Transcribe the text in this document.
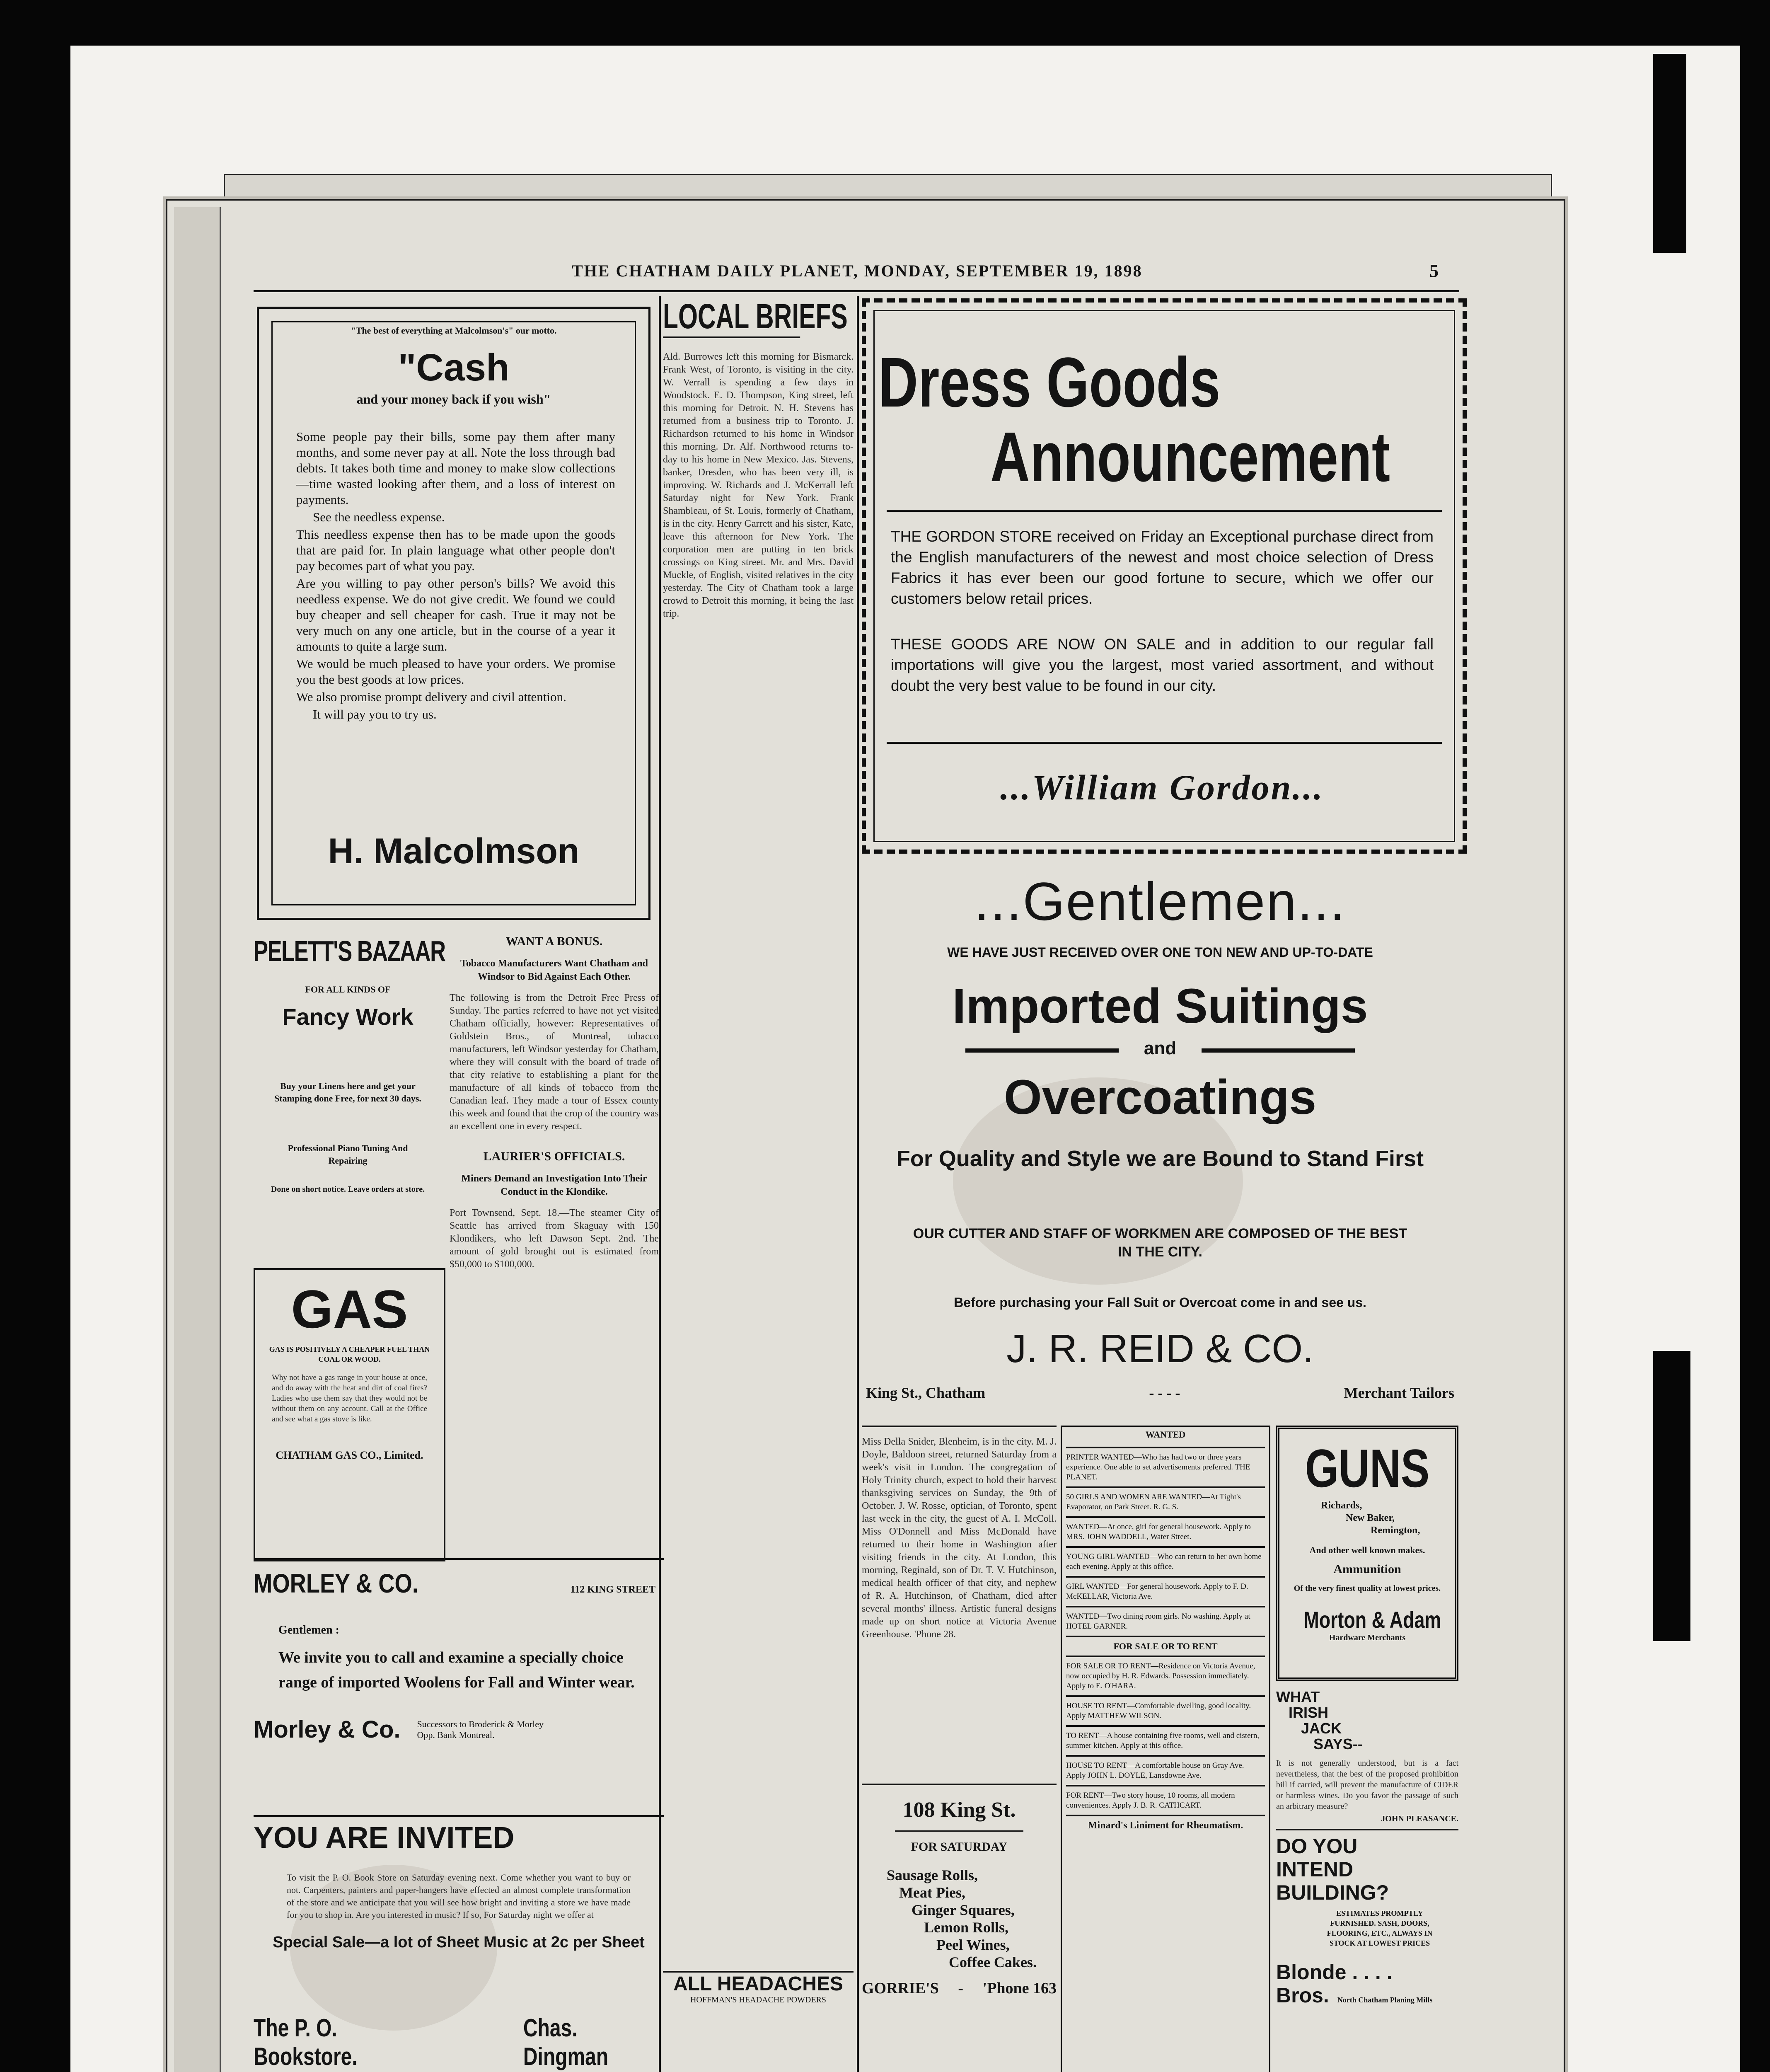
THE CHATHAM DAILY PLANET, MONDAY, SEPTEMBER 19, 1898	5
"The best of everything at Malcolmson's" our motto.
"Cash
and your money back if you wish"

Some people pay their bills, some pay them after many months, and some never pay at all. Note the loss through bad debts. It takes both time and money to make slow collections—time wasted looking after them, and a loss of interest on payments.

See the needless expense.

This needless expense then has to be made upon the goods that are paid for. In plain language what other people don't pay becomes part of what you pay.

Are you willing to pay other person's bills? We avoid this needless expense. We do not give credit. We found we could buy cheaper and sell cheaper for cash. True it may not be very much on any one article, but in the course of a year it amounts to quite a large sum.

We would be much pleased to have your orders. We promise you the best goods at low prices.

We also promise prompt delivery and civil attention.

It will pay you to try us.

H. Malcolmson
PELETT'S BAZAAR
FOR ALL KINDS OF
Fancy Work
Buy your Linens here and get your Stamping done Free, for next 30 days.
Professional Piano Tuning And Repairing
Done on short notice. Leave orders at store.
GAS
GAS IS POSITIVELY A CHEAPER FUEL THAN COAL OR WOOD.
Why not have a gas range in your house at once, and do away with the heat and dirt of coal fires? Ladies who use them say that they would not be without them on any account. Call at the Office and see what a gas stove is like.
CHATHAM GAS CO., Limited.
MORLEY & CO.	112 KING STREET
Gentlemen :
We invite you to call and examine a specially choice range of imported Woolens for Fall and Winter wear.
Morley & Co. Successors to Broderick & Morley Opp. Bank Montreal.
YOU ARE INVITED
To visit the P. O. Book Store on Saturday evening next. Come whether you want to buy or not. Carpenters, painters and paper-hangers have effected an almost complete transformation of the store and we anticipate that you will see how bright and inviting a store we have made for you to shop in. Are you interested in music? If so, For Saturday night we offer at
Special Sale—a lot of Sheet Music at 2c per Sheet
The P. O. Bookstore.
Chas. Dingman
WANT A BONUS.
Tobacco Manufacturers Want Chatham and Windsor to Bid Against Each Other.
The following is from the Detroit Free Press of Sunday. The parties referred to have not yet visited Chatham officially, however: Representatives of Goldstein Bros., of Montreal, tobacco manufacturers, left Windsor yesterday for Chatham, where they will consult with the board of trade of that city relative to establishing a plant for the manufacture of all kinds of tobacco from the Canadian leaf. They made a tour of Essex county this week and found that the crop of the country was an excellent one in every respect.
LAURIER'S OFFICIALS.
Miners Demand an Investigation Into Their Conduct in the Klondike.
Port Townsend, Sept. 18.—The steamer City of Seattle has arrived from Skaguay with 150 Klondikers, who left Dawson Sept. 2nd. The amount of gold brought out is estimated from $50,000 to $100,000.
LOCAL BRIEFS
Ald. Burrowes left this morning for Bismarck. Frank West, of Toronto, is visiting in the city. W. Verrall is spending a few days in Woodstock. E. D. Thompson, King street, left this morning for Detroit. N. H. Stevens has returned from a business trip to Toronto. J. Richardson returned to his home in Windsor this morning. Dr. Alf. Northwood returns to-day to his home in New Mexico. Jas. Stevens, banker, Dresden, who has been very ill, is improving. W. Richards and J. McKerrall left Saturday night for New York. Frank Shambleau, of St. Louis, formerly of Chatham, is in the city. Henry Garrett and his sister, Kate, leave this afternoon for New York. The corporation men are putting in ten brick crossings on King street. Mr. and Mrs. David Muckle, of English, visited relatives in the city yesterday. The City of Chatham took a large crowd to Detroit this morning, it being the last trip.
ALL HEADACHES
HOFFMAN'S HEADACHE POWDERS
Dress Goods
Announcement
THE GORDON STORE received on Friday an Exceptional purchase direct from the English manufacturers of the newest and most choice selection of Dress Fabrics it has ever been our good fortune to secure, which we offer our customers below retail prices.
THESE GOODS ARE NOW ON SALE and in addition to our regular fall importations will give you the largest, most varied assortment, and without doubt the very best value to be found in our city.
...William Gordon...
...Gentlemen...
WE HAVE JUST RECEIVED OVER ONE TON NEW AND UP-TO-DATE
Imported Suitings
and
Overcoatings
For Quality and Style we are Bound to Stand First
OUR CUTTER AND STAFF OF WORKMEN ARE COMPOSED OF THE BEST IN THE CITY.
Before purchasing your Fall Suit or Overcoat come in and see us.
J. R. REID & CO.
King St., Chatham	- - - -	Merchant Tailors
Miss Della Snider, Blenheim, is in the city. M. J. Doyle, Baldoon street, returned Saturday from a week's visit in London. The congregation of Holy Trinity church, expect to hold their harvest thanksgiving services on Sunday, the 9th of October. J. W. Rosse, optician, of Toronto, spent last week in the city, the guest of A. I. McColl. Miss O'Donnell and Miss McDonald have returned to their home in Washington after visiting friends in the city. At London, this morning, Reginald, son of Dr. T. V. Hutchinson, medical health officer of that city, and nephew of R. A. Hutchinson, of Chatham, died after several months' illness. Artistic funeral designs made up on short notice at Victoria Avenue Greenhouse. 'Phone 28.
108 King St.
FOR SATURDAY
Sausage Rolls,
Meat Pies,
Ginger Squares,
Lemon Rolls,
Peel Wines,
Coffee Cakes.
GORRIE'S - 'Phone 163
WANTED
PRINTER WANTED—Who has had two or three years experience. One able to set advertisements preferred. THE PLANET.
50 GIRLS AND WOMEN ARE WANTED—At Tight's Evaporator, on Park Street. R. G. S.
WANTED—At once, girl for general housework. Apply to MRS. JOHN WADDELL, Water Street.
YOUNG GIRL WANTED—Who can return to her own home each evening. Apply at this office.
GIRL WANTED—For general housework. Apply to F. D. McKELLAR, Victoria Ave.
WANTED—Two dining room girls. No washing. Apply at HOTEL GARNER.
FOR SALE OR TO RENT
FOR SALE OR TO RENT—Residence on Victoria Avenue, now occupied by H. R. Edwards. Possession immediately. Apply to E. O'HARA.
HOUSE TO RENT—Comfortable dwelling, good locality. Apply MATTHEW WILSON.
TO RENT—A house containing five rooms, well and cistern, summer kitchen. Apply at this office.
HOUSE TO RENT—A comfortable house on Gray Ave. Apply JOHN L. DOYLE, Lansdowne Ave.
FOR RENT—Two story house, 10 rooms, all modern conveniences. Apply J. B. R. CATHCART.
Minard's Liniment for Rheumatism.
GUNS
Richards,
New Baker,
Remington,
And other well known makes.
Ammunition
Of the very finest quality at lowest prices.
Morton & Adam
Hardware Merchants
WHAT
IRISH
JACK
SAYS--
It is not generally understood, but is a fact nevertheless, that the best of the proposed prohibition bill if carried, will prevent the manufacture of CIDER or harmless wines. Do you favor the passage of such an arbitrary measure?
JOHN PLEASANCE.
DO YOU
INTEND
BUILDING?
ESTIMATES PROMPTLY FURNISHED. SASH, DOORS, FLOORING, ETC., ALWAYS IN STOCK AT LOWEST PRICES
Blonde . . . .
Bros. North Chatham Planing Mills
